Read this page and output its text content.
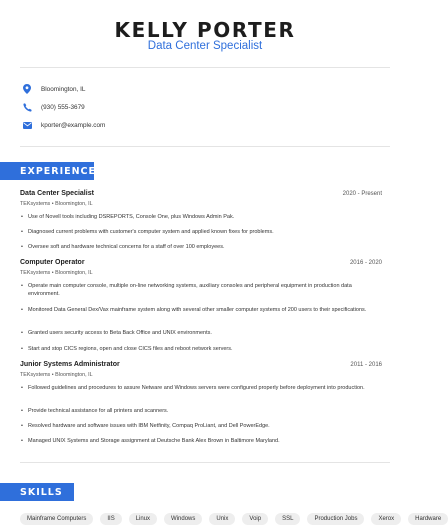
KELLY PORTER
Data Center Specialist
Bloomington, IL
(930) 555-3679
kporter@example.com
EXPERIENCE
Data Center Specialist	2020 - Present
TEKsystems • Bloomington, IL
• Use of Novell tools including DSREPORTS, Console One, plus Windows Admin Pak.
• Diagnosed current problems with customer's computer system and applied known fixes for problems.
• Oversee soft and hardware technical concerns for a staff of over 100 employees.
Computer Operator	2016 - 2020
TEKsystems • Bloomington, IL
• Operate main computer console, multiple on-line networking systems, auxiliary consoles and peripheral equipment in production data environment.
• Monitored Data General Dex/Vax mainframe system along with several other smaller computer systems of 200 users to their specifications.
• Granted users security access to Beta Back Office and UNIX environments.
• Start and stop CICS regions, open and close CICS files and reboot network servers.
Junior Systems Administrator	2011 - 2016
TEKsystems • Bloomington, IL
• Followed guidelines and procedures to assure Netware and Windows servers were configured properly before deployment into production.
• Provide technical assistance for all printers and scanners.
• Resolved hardware and software issues with IBM Netfinity, Compaq ProLiant, and Dell PowerEdge.
• Managed UNIX Systems and Storage assignment at Deutsche Bank Alex Brown in Baltimore Maryland.
SKILLS
Mainframe Computers	IIS	Linux	Windows	Unix	Voip	SSL	Production Jobs	Xerox	Hardware
